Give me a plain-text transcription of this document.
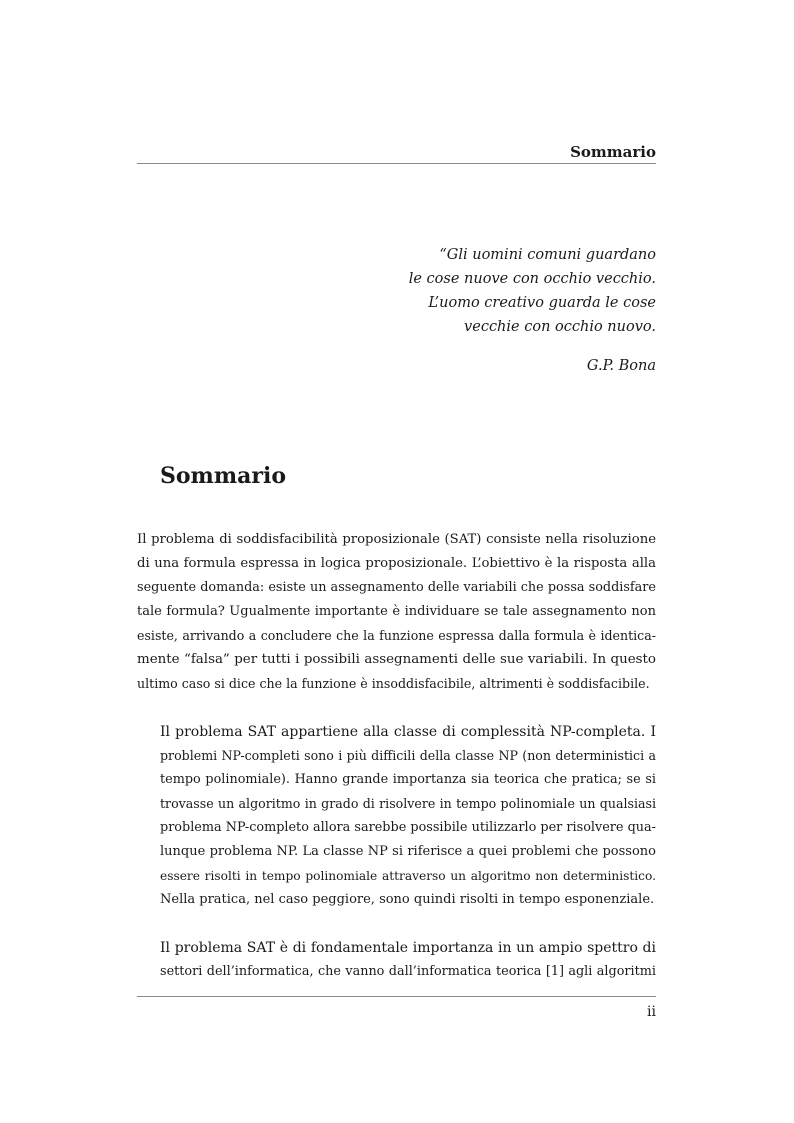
Sommario
“Gli uomini comuni guardano
le cose nuove con occhio vecchio.
L’uomo creativo guarda le cose
vecchie con occhio nuovo.
G.P. Bona
Sommario

Il problema di soddisfacibilità proposizionale (SAT) consiste nella risoluzione
di una formula espressa in logica proposizionale. L’obiettivo è la risposta alla
seguente domanda: esiste un assegnamento delle variabili che possa soddisfare
tale formula? Ugualmente importante è individuare se tale assegnamento non
esiste, arrivando a concludere che la funzione espressa dalla formula è identica-
mente “falsa” per tutti i possibili assegnamenti delle sue variabili. In questo
ultimo caso si dice che la funzione è insoddisfacibile, altrimenti è soddisfacibile.

Il problema SAT appartiene alla classe di complessità NP-completa. I
problemi NP-completi sono i più difficili della classe NP (non deterministici a
tempo polinomiale). Hanno grande importanza sia teorica che pratica; se si
trovasse un algoritmo in grado di risolvere in tempo polinomiale un qualsiasi
problema NP-completo allora sarebbe possibile utilizzarlo per risolvere qua-
lunque problema NP. La classe NP si riferisce a quei problemi che possono
essere risolti in tempo polinomiale attraverso un algoritmo non deterministico.
Nella pratica, nel caso peggiore, sono quindi risolti in tempo esponenziale.

Il problema SAT è di fondamentale importanza in un ampio spettro di
settori dell’informatica, che vanno dall’informatica teorica [1] agli algoritmi

ii
